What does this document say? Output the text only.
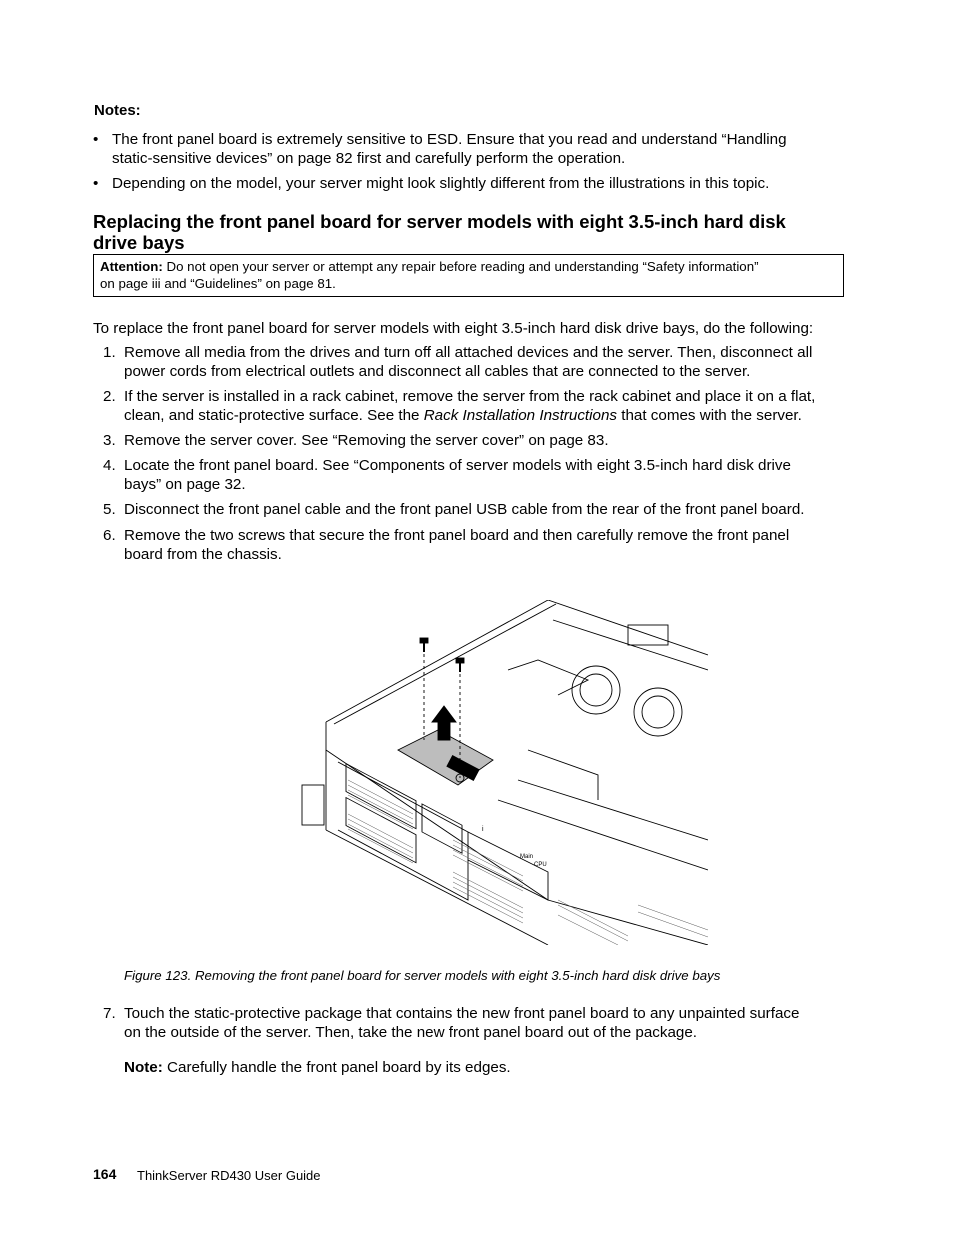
Notes:
• The front panel board is extremely sensitive to ESD. Ensure that you read and understand “Handling
static-sensitive devices” on page 82 first and carefully perform the operation.
• Depending on the model, your server might look slightly different from the illustrations in this topic.
Replacing the front panel board for server models with eight 3.5-inch hard disk
drive bays
Attention: Do not open your server or attempt any repair before reading and understanding “Safety information”
on page iii and “Guidelines” on page 81.
To replace the front panel board for server models with eight 3.5-inch hard disk drive bays, do the following:
1. Remove all media from the drives and turn off all attached devices and the server. Then, disconnect all
power cords from electrical outlets and disconnect all cables that are connected to the server.
2. If the server is installed in a rack cabinet, remove the server from the rack cabinet and place it on a flat,
clean, and static-protective surface. See the Rack Installation Instructions that comes with the server.
3. Remove the server cover. See “Removing the server cover” on page 83.
4. Locate the front panel board. See “Components of server models with eight 3.5-inch hard disk drive
bays” on page 32.
5. Disconnect the front panel cable and the front panel USB cable from the rear of the front panel board.
6. Remove the two screws that secure the front panel board and then carefully remove the front panel
board from the chassis.
i
Main
CPU
Figure 123. Removing the front panel board for server models with eight 3.5-inch hard disk drive bays
7. Touch the static-protective package that contains the new front panel board to any unpainted surface
on the outside of the server. Then, take the new front panel board out of the package.
Note: Carefully handle the front panel board by its edges.
164 ThinkServer RD430 User Guide
